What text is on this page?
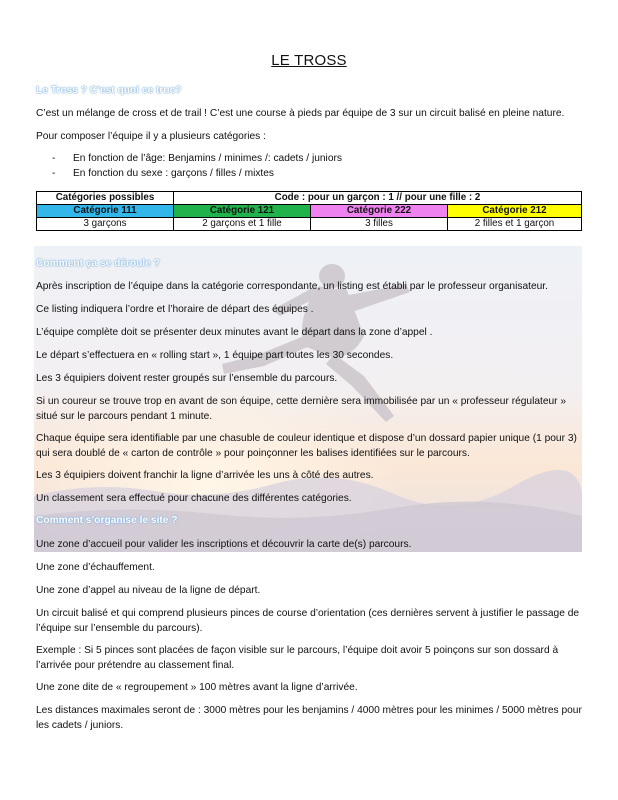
LE TROSS
Le Tross ? C’est quoi ce truc?
C’est un mélange de cross et de trail ! C’est une course à pieds par équipe de 3 sur un circuit balisé en pleine nature.
Pour composer l’équipe il y a plusieurs catégories :
- En fonction de l’âge: Benjamins / minimes /: cadets / juniors
- En fonction du sexe : garçons / filles / mixtes
Catégories possibles	Code : pour un garçon : 1 // pour une fille : 2		
Catégorie 111	Catégorie 121	Catégorie 222	Catégorie 212
3 garçons	2 garçons et 1 fille	3 filles	2 filles et 1 garçon
Comment ça se déroule ?
Après inscription de l’équipe dans la catégorie correspondante, un listing est établi par le professeur organisateur.
Ce listing indiquera l’ordre et l’horaire de départ des équipes .
L’équipe complète doit se présenter deux minutes avant le départ dans la zone d’appel .
Le départ s’effectuera en « rolling start », 1 équipe part toutes les 30 secondes.
Les 3 équipiers doivent rester groupés sur l’ensemble du parcours.
Si un coureur se trouve trop en avant de son équipe, cette dernière sera immobilisée par un « professeur régulateur » situé sur le parcours pendant 1 minute.
Chaque équipe sera identifiable par une chasuble de couleur identique et dispose d’un dossard papier unique (1 pour 3) qui sera doublé de « carton de contrôle » pour poinçonner les balises identifiées sur le parcours.
Les 3 équipiers doivent franchir la ligne d’arrivée les uns à côté des autres.
Un classement sera effectué pour chacune des différentes catégories.
Comment s’organise le site ?
Une zone d’accueil pour valider les inscriptions et découvrir la carte de(s) parcours.
Une zone d’échauffement.
Une zone d’appel au niveau de la ligne de départ.
Un circuit balisé et qui comprend plusieurs pinces de course d’orientation (ces dernières servent à justifier le passage de l’équipe sur l’ensemble du parcours).
Exemple : Si 5 pinces sont placées de façon visible sur le parcours, l’équipe doit avoir 5 poinçons sur son dossard à l’arrivée pour prétendre au classement final.
Une zone dite de « regroupement » 100 mètres avant la ligne d’arrivée.
Les distances maximales seront de : 3000 mètres pour les benjamins / 4000 mètres pour les minimes / 5000 mètres pour les cadets / juniors.
